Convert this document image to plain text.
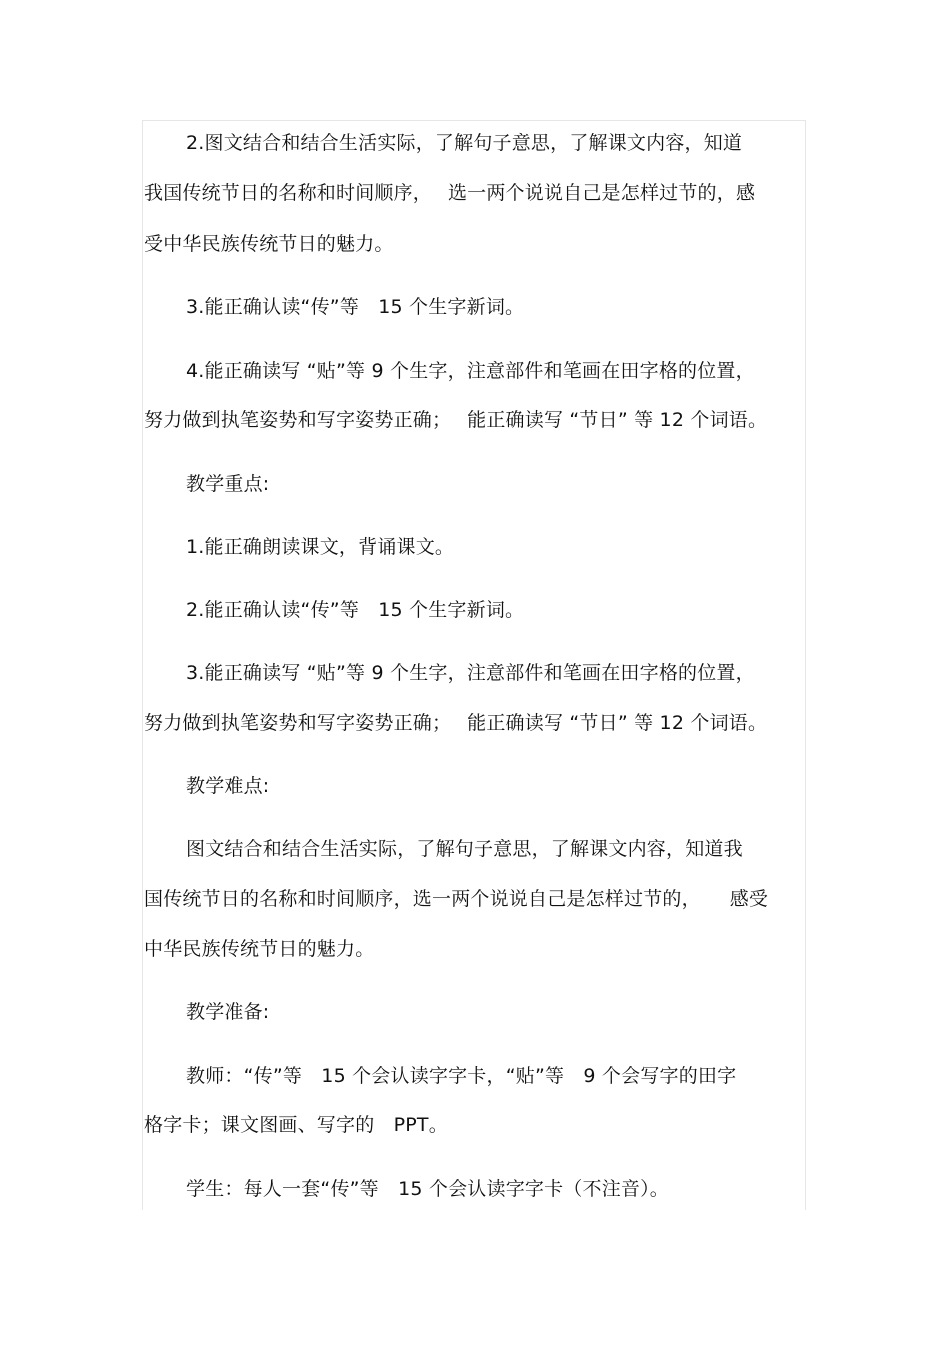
2.图文结合和结合生活实际，了解句子意思，了解课文内容，知道
我国传统节日的名称和时间顺序，　 选一两个说说自己是怎样过节的，感
受中华民族传统节日的魅力。
3.能正确认读“传”等　15 个生字新词。
4.能正确读写 “贴”等 9 个生字，注意部件和笔画在田字格的位置，
努力做到执笔姿势和写字姿势正确；　 能正确读写 “节日” 等 12 个词语。
教学重点:
1.能正确朗读课文，背诵课文。
2.能正确认读“传”等　15 个生字新词。
3.能正确读写 “贴”等 9 个生字，注意部件和笔画在田字格的位置，
努力做到执笔姿势和写字姿势正确；　 能正确读写 “节日” 等 12 个词语。
教学难点:
图文结合和结合生活实际，了解句子意思，了解课文内容，知道我
国传统节日的名称和时间顺序，选一两个说说自己是怎样过节的，　　感受
中华民族传统节日的魅力。
教学准备:
教师：“传”等　15 个会认读字字卡，“贴”等　9 个会写字的田字
格字卡；课文图画、写字的　PPT。
学生：每人一套“传”等　15 个会认读字字卡（不注音）。
